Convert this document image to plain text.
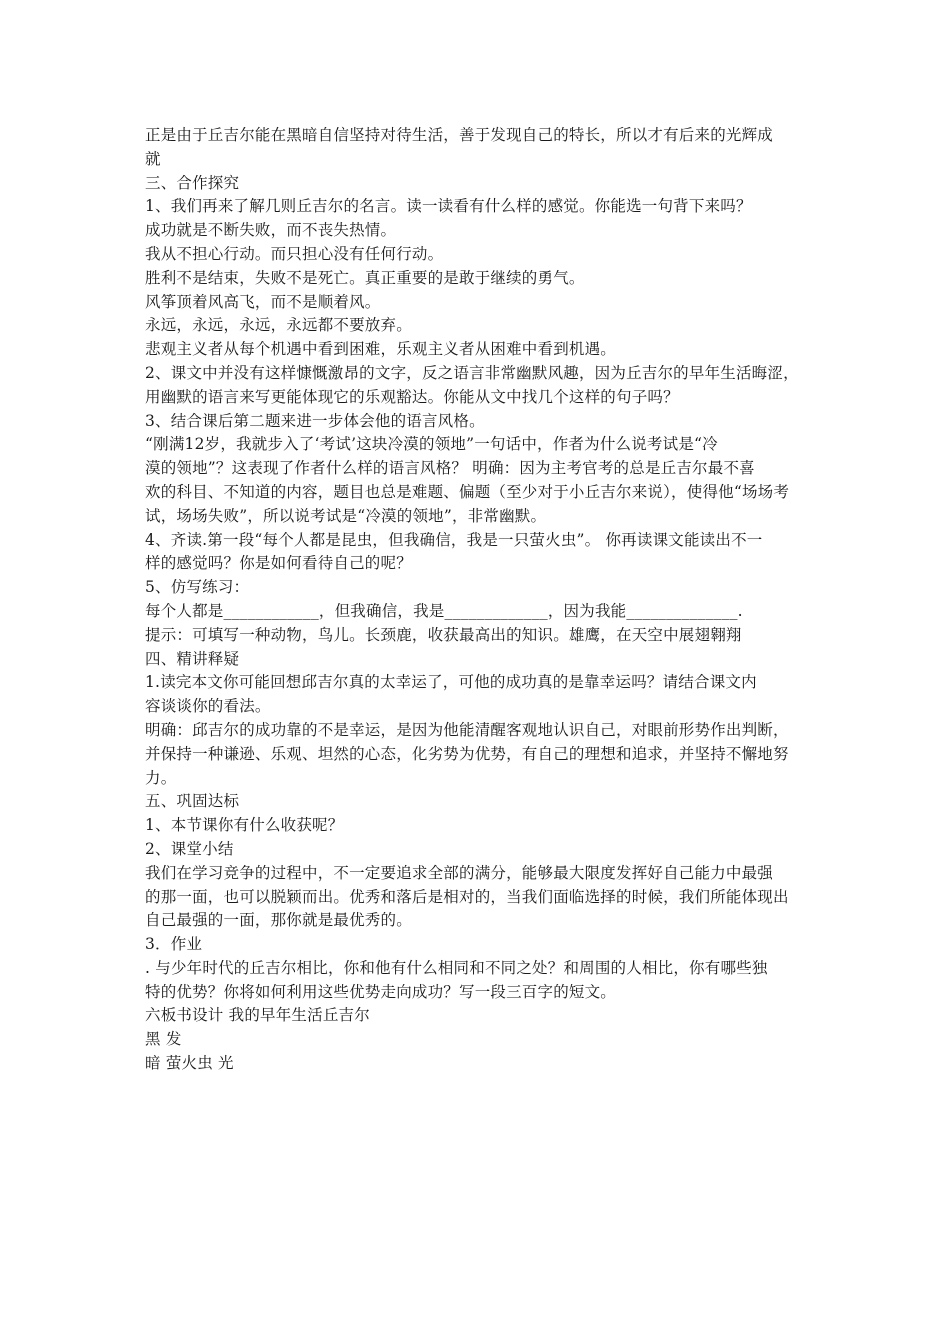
正是由于丘吉尔能在黑暗自信坚持对待生活，善于发现自己的特长，所以才有后来的光辉成
就
三、合作探究
1、我们再来了解几则丘吉尔的名言。读一读看有什么样的感觉。你能选一句背下来吗？
成功就是不断失败，而不丧失热情。
我从不担心行动。而只担心没有任何行动。
胜利不是结束，失败不是死亡。真正重要的是敢于继续的勇气。
风筝顶着风高飞，而不是顺着风。
永远，永远，永远，永远都不要放弃。
悲观主义者从每个机遇中看到困难，乐观主义者从困难中看到机遇。
2、课文中并没有这样慷慨激昂的文字，反之语言非常幽默风趣，因为丘吉尔的早年生活晦涩，
用幽默的语言来写更能体现它的乐观豁达。你能从文中找几个这样的句子吗？
3、结合课后第二题来进一步体会他的语言风格。
“刚满12岁，我就步入了‘考试’这块冷漠的领地”一句话中，作者为什么说考试是“冷
漠的领地”？这表现了作者什么样的语言风格？ 明确：因为主考官考的总是丘吉尔最不喜
欢的科目、不知道的内容，题目也总是难题、偏题（至少对于小丘吉尔来说），使得他“场场考
试，场场失败”，所以说考试是“冷漠的领地”，非常幽默。
4、齐读.第一段“每个人都是昆虫，但我确信，我是一只萤火虫”。 你再读课文能读出不一
样的感觉吗？你是如何看待自己的呢？
5、仿写练习：
每个人都是____________，但我确信，我是_____________，因为我能______________.
提示：可填写一种动物，鸟儿。长颈鹿，收获最高出的知识。雄鹰，在天空中展翅翱翔
四、精讲释疑
1.读完本文你可能回想邱吉尔真的太幸运了，可他的成功真的是靠幸运吗？请结合课文内
容谈谈你的看法。
明确：邱吉尔的成功靠的不是幸运，是因为他能清醒客观地认识自己，对眼前形势作出判断，
并保持一种谦逊、乐观、坦然的心态，化劣势为优势，有自己的理想和追求，并坚持不懈地努
力。
五、巩固达标
1、本节课你有什么收获呢？
2、课堂小结
我们在学习竞争的过程中，不一定要追求全部的满分，能够最大限度发挥好自己能力中最强
的那一面，也可以脱颖而出。优秀和落后是相对的，当我们面临选择的时候，我们所能体现出
自己最强的一面，那你就是最优秀的。
3．作业
. 与少年时代的丘吉尔相比，你和他有什么相同和不同之处？和周围的人相比，你有哪些独
特的优势？你将如何利用这些优势走向成功？写一段三百字的短文。
六板书设计 我的早年生活丘吉尔
黑 发
暗 萤火虫 光
